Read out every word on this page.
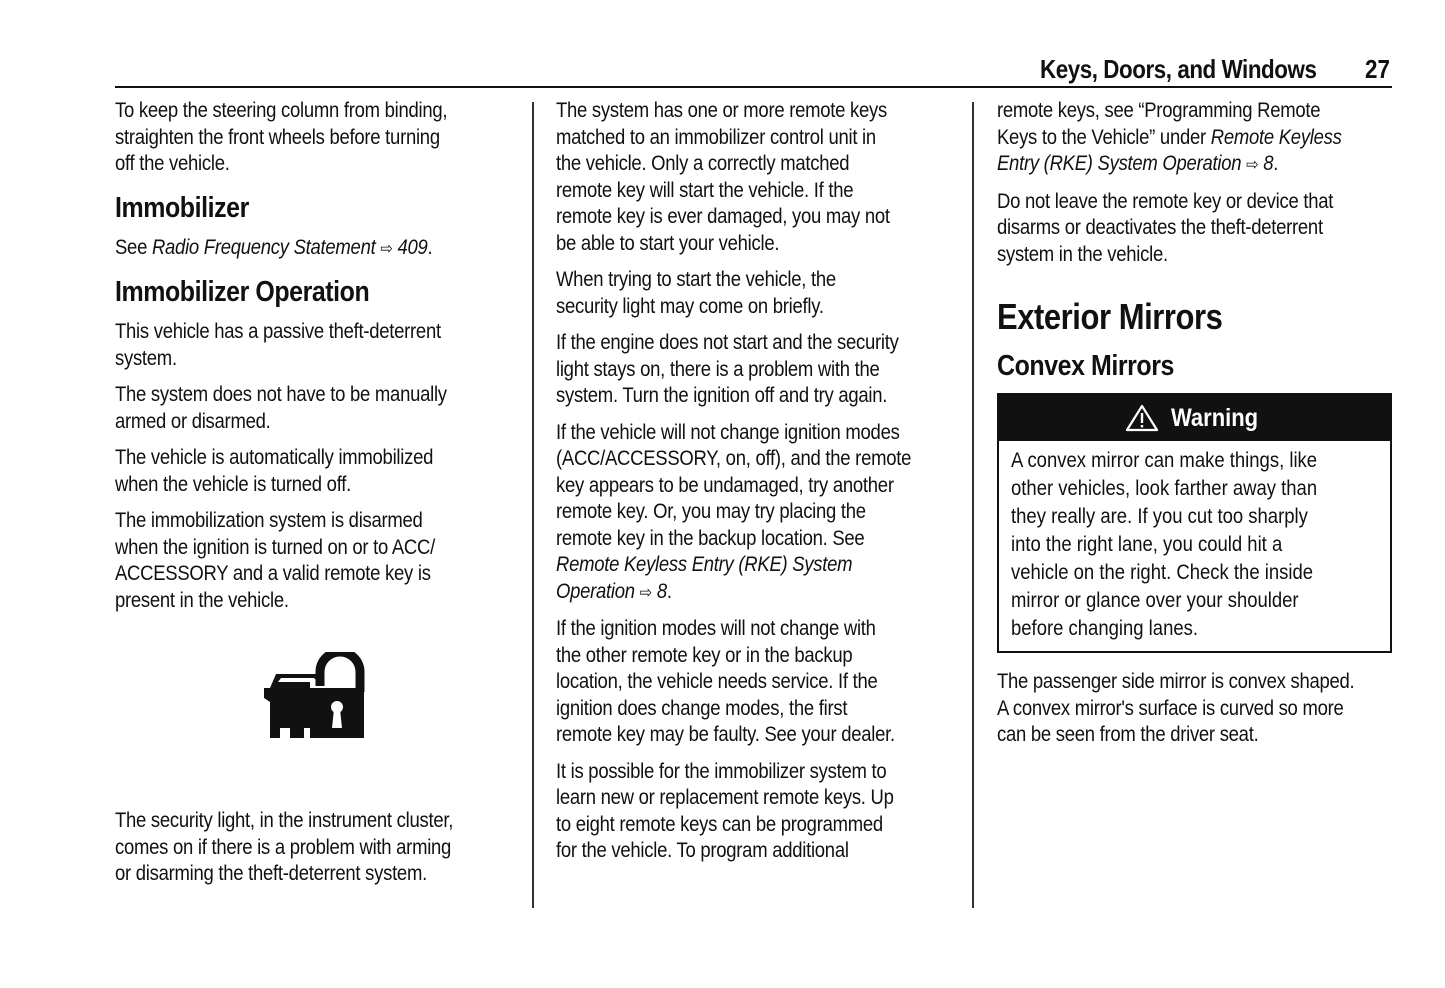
Keys, Doors, and Windows 27

To keep the steering column from binding,
straighten the front wheels before turning
off the vehicle.

Immobilizer

See Radio Frequency Statement ⇨ 409.

Immobilizer Operation

This vehicle has a passive theft-deterrent
system.

The system does not have to be manually
armed or disarmed.

The vehicle is automatically immobilized
when the vehicle is turned off.

The immobilization system is disarmed
when the ignition is turned on or to ACC/
ACCESSORY and a valid remote key is
present in the vehicle.

The security light, in the instrument cluster,
comes on if there is a problem with arming
or disarming the theft-deterrent system.

The system has one or more remote keys
matched to an immobilizer control unit in
the vehicle. Only a correctly matched
remote key will start the vehicle. If the
remote key is ever damaged, you may not
be able to start your vehicle.

When trying to start the vehicle, the
security light may come on briefly.

If the engine does not start and the security
light stays on, there is a problem with the
system. Turn the ignition off and try again.

If the vehicle will not change ignition modes
(ACC/ACCESSORY, on, off), and the remote
key appears to be undamaged, try another
remote key. Or, you may try placing the
remote key in the backup location. See
Remote Keyless Entry (RKE) System
Operation ⇨ 8.

If the ignition modes will not change with
the other remote key or in the backup
location, the vehicle needs service. If the
ignition does change modes, the first
remote key may be faulty. See your dealer.

It is possible for the immobilizer system to
learn new or replacement remote keys. Up
to eight remote keys can be programmed
for the vehicle. To program additional

remote keys, see “Programming Remote
Keys to the Vehicle” under Remote Keyless
Entry (RKE) System Operation ⇨ 8.

Do not leave the remote key or device that
disarms or deactivates the theft-deterrent
system in the vehicle.

Exterior Mirrors
Convex Mirrors
Warning
A convex mirror can make things, like
other vehicles, look farther away than
they really are. If you cut too sharply
into the right lane, you could hit a
vehicle on the right. Check the inside
mirror or glance over your shoulder
before changing lanes.

The passenger side mirror is convex shaped.
A convex mirror's surface is curved so more
can be seen from the driver seat.
